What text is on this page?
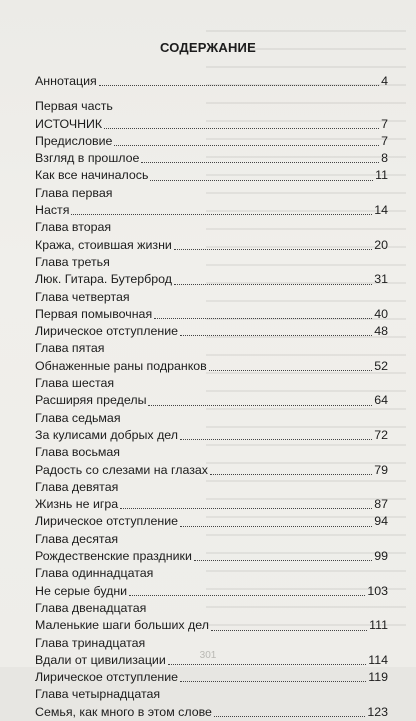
СОДЕРЖАНИЕ
Аннотация	4
Первая часть
ИСТОЧНИК	7
Предисловие	7
Взгляд в прошлое	8
Как все начиналось	11
Глава первая
Настя	14
Глава вторая
Кража, стоившая жизни	20
Глава третья
Люк. Гитара. Бутерброд	31
Глава четвертая
Первая помывочная	40
Лирическое отступление	48
Глава пятая
Обнаженные раны подранков	52
Глава шестая
Расширяя пределы	64
Глава седьмая
За кулисами добрых дел	72
Глава восьмая
Радость со слезами на глазах	79
Глава девятая
Жизнь не игра	87
Лирическое отступление	94
Глава десятая
Рождественские праздники	99
Глава одиннадцатая
Не серые будни	103
Глава двенадцатая
Маленькие шаги больших дел	111
Глава тринадцатая
Вдали от цивилизации	114
Лирическое отступление	119
Глава четырнадцатая
Семья, как много в этом слове	123
301
